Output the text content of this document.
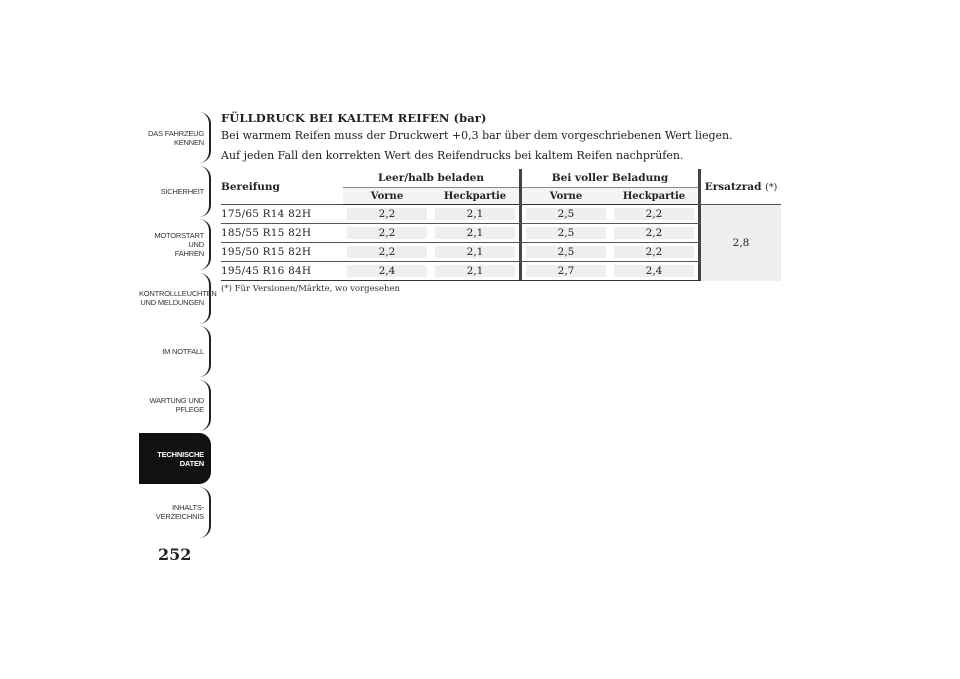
DAS FAHRZEUG
KENNEN
SICHERHEIT
MOTORSTART UND
FAHREN
KONTROLLLEUCHTEN
UND MELDUNGEN
IM NOTFALL
WARTUNG UND
PFLEGE
TECHNISCHE
DATEN
INHALTS-
VERZEICHNIS
252
FÜLLDRUCK BEI KALTEM REIFEN (bar)

Bei warmem Reifen muss der Druckwert +0,3 bar über dem vorgeschriebenen Wert liegen.

Auf jeden Fall den korrekten Wert des Reifendrucks bei kaltem Reifen nachprüfen.

Bereifung	Leer/halb beladen			Bei voller Beladung			Ersatzrad (*)
	Vorne	Heckpartie		Vorne	Heckpartie		
175/65 R14 82H	2,2	2,1		2,5	2,2		2,8
185/55 R15 82H	2,2	2,1		2,5	2,2		
195/50 R15 82H	2,2	2,1		2,5	2,2		
195/45 R16 84H	2,4	2,1		2,7	2,4		
(*) Für Versionen/Märkte, wo vorgesehen
